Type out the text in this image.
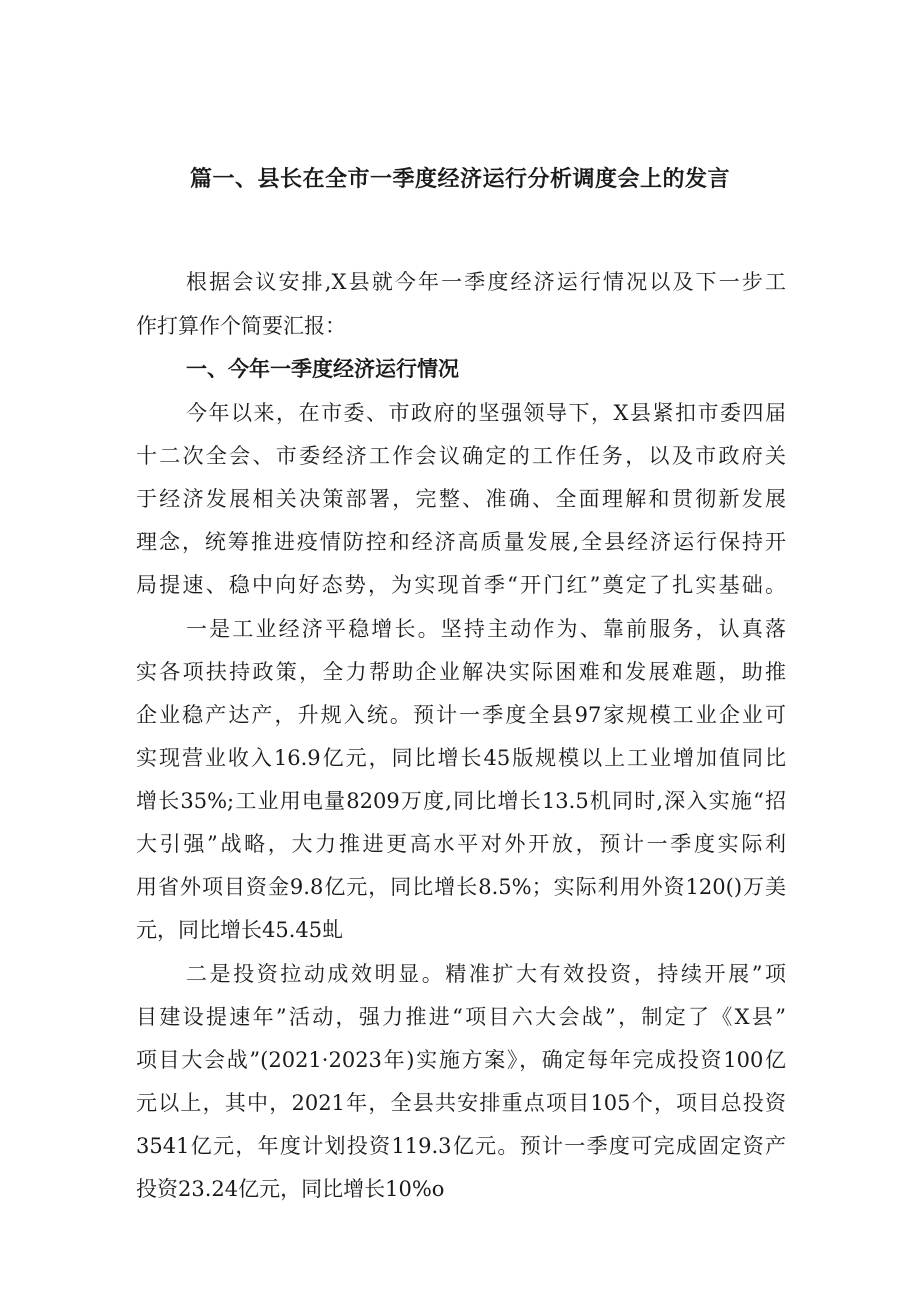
篇一、县长在全市一季度经济运行分析调度会上的发言
根据会议安排,X县就今年一季度经济运行情况以及下一步工
作打算作个简要汇报：
一、今年一季度经济运行情况
今年以来，在市委、市政府的坚强领导下，X县紧扣市委四届
十二次全会、市委经济工作会议确定的工作任务，以及市政府关
于经济发展相关决策部署，完整、准确、全面理解和贯彻新发展
理念，统筹推进疫情防控和经济高质量发展,全县经济运行保持开
局提速、稳中向好态势，为实现首季“开门红”奠定了扎实基础。
一是工业经济平稳增长。坚持主动作为、靠前服务，认真落
实各项扶持政策，全力帮助企业解决实际困难和发展难题，助推
企业稳产达产，升规入统。预计一季度全县97家规模工业企业可
实现营业收入16.9亿元，同比增长45版规模以上工业增加值同比
增长35%;工业用电量8209万度,同比增长13.5机同时,深入实施“招
大引强”战略，大力推进更高水平对外开放，预计一季度实际利
用省外项目资金9.8亿元，同比增长8.5%；实际利用外资120()万美
元，同比增长45.45虬
二是投资拉动成效明显。精准扩大有效投资，持续开展”项
目建设提速年”活动，强力推进“项目六大会战”，制定了《X县”
项目大会战”(2021·2023年)实施方案》，确定每年完成投资100亿
元以上，其中，2021年，全县共安排重点项目105个，项目总投资
3541亿元，年度计划投资119.3亿元。预计一季度可完成固定资产
投资23.24亿元，同比增长10%o
